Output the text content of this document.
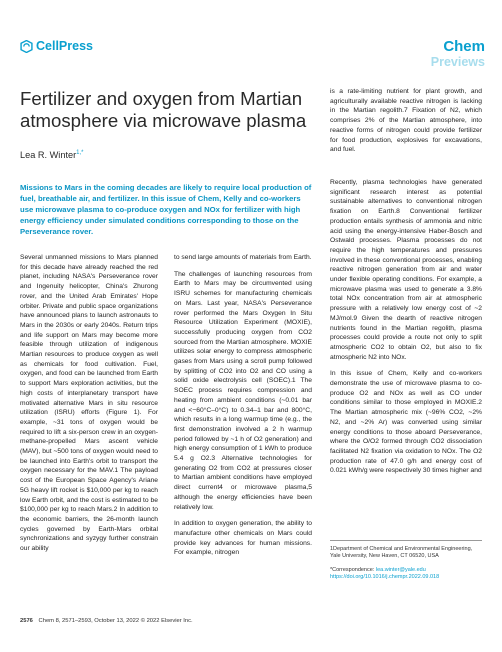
CellPress	Chem
Previews
Fertilizer and oxygen from Martian atmosphere via microwave plasma
Lea R. Winter$^{1,*}$
Missions to Mars in the coming decades are likely to require local production of fuel, breathable air, and fertilizer. In this issue of Chem, Kelly and co-workers use microwave plasma to co-produce oxygen and NOx for fertilizer with high energy efficiency under simulated conditions corresponding to those on the Perseverance rover.

Several unmanned missions to Mars planned for this decade have already reached the red planet, including NASA's Perseverance rover and Ingenuity helicopter, China's Zhurong rover, and the United Arab Emirates' Hope orbiter. Private and public space organizations have announced plans to launch astronauts to Mars in the 2030s or early 2040s. Return trips and life support on Mars may become more feasible through utilization of indigenous Martian resources to produce oxygen as well as chemicals for food cultivation. Fuel, oxygen, and food can be launched from Earth to support Mars exploration activities, but the high costs of interplanetary transport have motivated alternative Mars in situ resource utilization (ISRU) efforts (Figure 1). For example, ~31 tons of oxygen would be required to lift a six-person crew in an oxygen-methane-propelled Mars ascent vehicle (MAV), but ~500 tons of oxygen would need to be launched into Earth's orbit to transport the oxygen necessary for the MAV.1 The payload cost of the European Space Agency's Ariane 5G heavy lift rocket is $10,000 per kg to reach low Earth orbit, and the cost is estimated to be $100,000 per kg to reach Mars.2 In addition to the economic barriers, the 26-month launch cycles governed by Earth-Mars orbital synchronizations and syzygy further constrain our ability

to send large amounts of materials from Earth.

The challenges of launching resources from Earth to Mars may be circumvented using ISRU schemes for manufacturing chemicals on Mars. Last year, NASA's Perseverance rover performed the Mars Oxygen In Situ Resource Utilization Experiment (MOXIE), successfully producing oxygen from CO2 sourced from the Martian atmosphere. MOXIE utilizes solar energy to compress atmospheric gases from Mars using a scroll pump followed by splitting of CO2 into O2 and CO using a solid oxide electrolysis cell (SOEC).1 The SOEC process requires compression and heating from ambient conditions (~0.01 bar and <−60°C–0°C) to 0.34–1 bar and 800°C, which results in a long warmup time (e.g., the first demonstration involved a 2 h warmup period followed by ~1 h of O2 generation) and high energy consumption of 1 kWh to produce 5.4 g O2.3 Alternative technologies for generating O2 from CO2 at pressures closer to Martian ambient conditions have employed direct current4 or microwave plasma,5 although the energy efficiencies have been relatively low.

In addition to oxygen generation, the ability to manufacture other chemicals on Mars could provide key advances for human missions. For example, nitrogen

is a rate-limiting nutrient for plant growth, and agriculturally available reactive nitrogen is lacking in the Martian regolith.7 Fixation of N2, which comprises 2% of the Martian atmosphere, into reactive forms of nitrogen could provide fertilizer for food production, explosives for excavations, and fuel.

Recently, plasma technologies have generated significant research interest as potential sustainable alternatives to conventional nitrogen fixation on Earth.8 Conventional fertilizer production entails synthesis of ammonia and nitric acid using the energy-intensive Haber-Bosch and Ostwald processes. Plasma processes do not require the high temperatures and pressures involved in these conventional processes, enabling reactive nitrogen generation from air and water under flexible operating conditions. For example, a microwave plasma was used to generate a 3.8% total NOx concentration from air at atmospheric pressure with a relatively low energy cost of ~2 MJ/mol.9 Given the dearth of reactive nitrogen nutrients found in the Martian regolith, plasma processes could provide a route not only to split atmospheric CO2 to obtain O2, but also to fix atmospheric N2 into NOx.

In this issue of Chem, Kelly and co-workers demonstrate the use of microwave plasma to co-produce O2 and NOx as well as CO under conditions similar to those employed in MOXIE.2 The Martian atmospheric mix (~96% CO2, ~2% N2, and ~2% Ar) was converted using similar energy conditions to those aboard Perseverance, where the O/O2 formed through CO2 dissociation facilitated N2 fixation via oxidation to NOx. The O2 production rate of 47.0 g/h and energy cost of 0.021 kWh/g were respectively 30 times higher and

1Department of Chemical and Environmental Engineering, Yale University, New Haven, CT 06520, USA

*Correspondence: lea.winter@yale.edu
https://doi.org/10.1016/j.chempr.2022.09.018

2576 Chem 8, 2571–2593, October 13, 2022 © 2022 Elsevier Inc.
